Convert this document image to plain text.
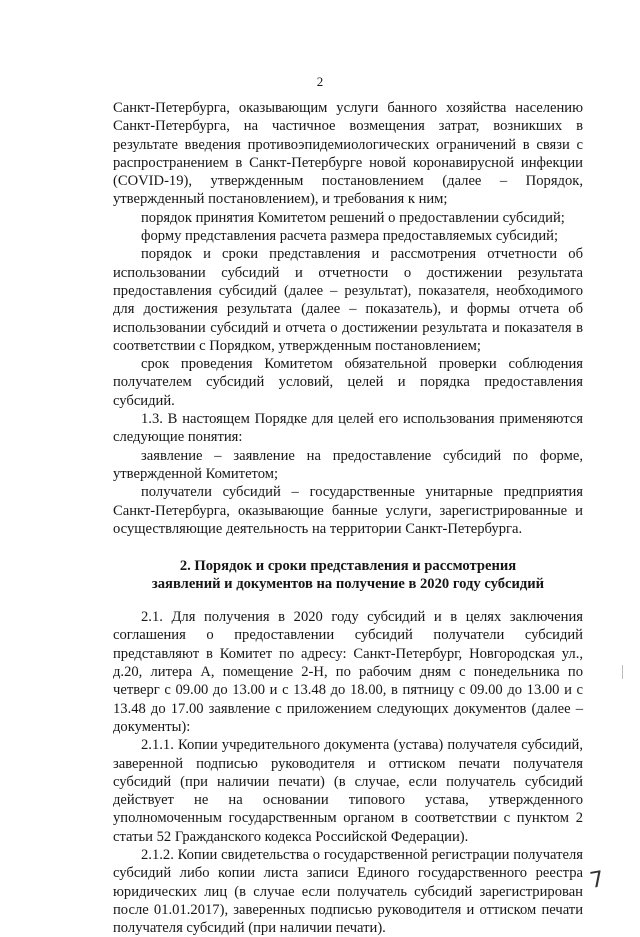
2

Санкт-Петербурга, оказывающим услуги банного хозяйства населению Санкт-Петербурга, на частичное возмещения затрат, возникших в результате введения противоэпидемиологических ограничений в связи с распространением в Санкт-Петербурге новой коронавирусной инфекции (COVID-19), утвержденным постановлением (далее – Порядок, утвержденный постановлением), и требования к ним;

порядок принятия Комитетом решений о предоставлении субсидий;

форму представления расчета размера предоставляемых субсидий;

порядок и сроки представления и рассмотрения отчетности об использовании субсидий и отчетности о достижении результата предоставления субсидий (далее – результат), показателя, необходимого для достижения результата (далее – показатель), и формы отчета об использовании субсидий и отчета о достижении результата и показателя в соответствии с Порядком, утвержденным постановлением;

срок проведения Комитетом обязательной проверки соблюдения получателем субсидий условий, целей и порядка предоставления субсидий.

1.3. В настоящем Порядке для целей его использования применяются следующие понятия:

заявление – заявление на предоставление субсидий по форме, утвержденной Комитетом;

получатели субсидий – государственные унитарные предприятия Санкт-Петербурга, оказывающие банные услуги, зарегистрированные и осуществляющие деятельность на территории Санкт-Петербурга.

2. Порядок и сроки представления и рассмотрения
заявлений и документов на получение в 2020 году субсидий

2.1. Для получения в 2020 году субсидий и в целях заключения соглашения о предоставлении субсидий получатели субсидий представляют в Комитет по адресу: Санкт-Петербург, Новгородская ул., д.20, литера А, помещение 2-Н, по рабочим дням с понедельника по четверг с 09.00 до 13.00 и с 13.48 до 18.00, в пятницу с 09.00 до 13.00 и с 13.48 до 17.00 заявление с приложением следующих документов (далее – документы):

2.1.1. Копии учредительного документа (устава) получателя субсидий, заверенной подписью руководителя и оттиском печати получателя субсидий (при наличии печати) (в случае, если получатель субсидий действует не на основании типового устава, утвержденного уполномоченным государственным органом в соответствии с пунктом 2 статьи 52 Гражданского кодекса Российской Федерации).

2.1.2. Копии свидетельства о государственной регистрации получателя субсидий либо копии листа записи Единого государственного реестра юридических лиц (в случае если получатель субсидий зарегистрирован после 01.01.2017), заверенных подписью руководителя и оттиском печати получателя субсидий (при наличии печати).

7
